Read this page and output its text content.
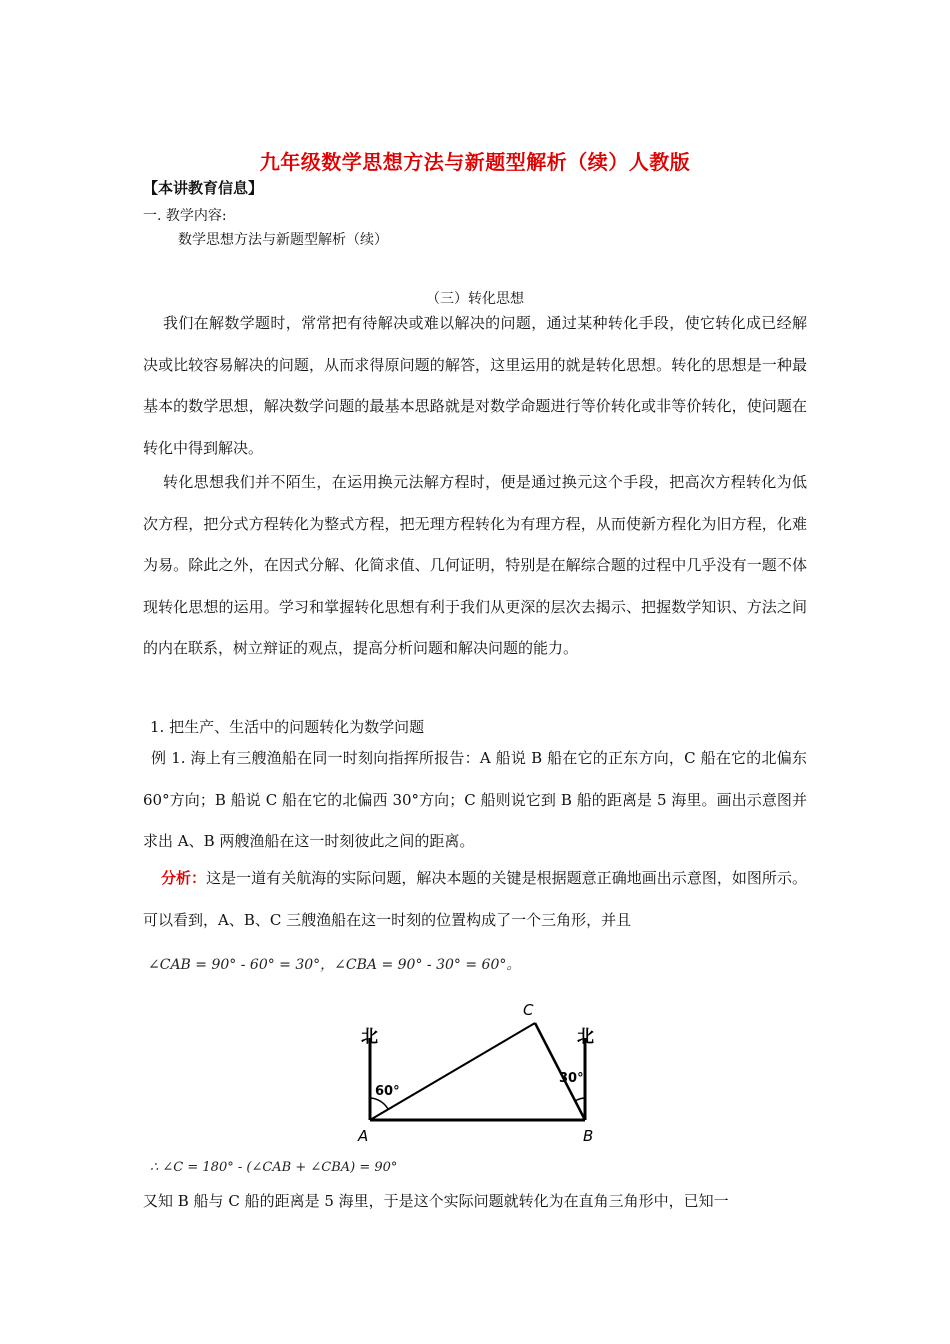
九年级数学思想方法与新题型解析（续）人教版
【本讲教育信息】
一. 教学内容:
数学思想方法与新题型解析（续）
（三）转化思想
我们在解数学题时，常常把有待解决或难以解决的问题，通过某种转化手段，使它转化成已经解决或比较容易解决的问题，从而求得原问题的解答，这里运用的就是转化思想。转化的思想是一种最基本的数学思想，解决数学问题的最基本思路就是对数学命题进行等价转化或非等价转化，使问题在转化中得到解决。
转化思想我们并不陌生，在运用换元法解方程时，便是通过换元这个手段，把高次方程转化为低次方程，把分式方程转化为整式方程，把无理方程转化为有理方程，从而使新方程化为旧方程，化难为易。除此之外，在因式分解、化简求值、几何证明，特别是在解综合题的过程中几乎没有一题不体现转化思想的运用。学习和掌握转化思想有利于我们从更深的层次去揭示、把握数学知识、方法之间的内在联系，树立辩证的观点，提高分析问题和解决问题的能力。
1. 把生产、生活中的问题转化为数学问题
例 1. 海上有三艘渔船在同一时刻向指挥所报告：A 船说 B 船在它的正东方向，C 船在它的北偏东 60°方向；B 船说 C 船在它的北偏西 30°方向；C 船则说它到 B 船的距离是 5 海里。画出示意图并求出 A、B 两艘渔船在这一时刻彼此之间的距离。
分析：这是一道有关航海的实际问题，解决本题的关键是根据题意正确地画出示意图，如图所示。可以看到，A、B、C 三艘渔船在这一时刻的位置构成了一个三角形，并且
∠CAB = 90° - 60° = 30°，∠CBA = 90° - 30° = 60°。
北	北
60°
30°
A	B
C
∴ ∠C = 180° - (∠CAB + ∠CBA) = 90°
又知 B 船与 C 船的距离是 5 海里，于是这个实际问题就转化为在直角三角形中，已知一
